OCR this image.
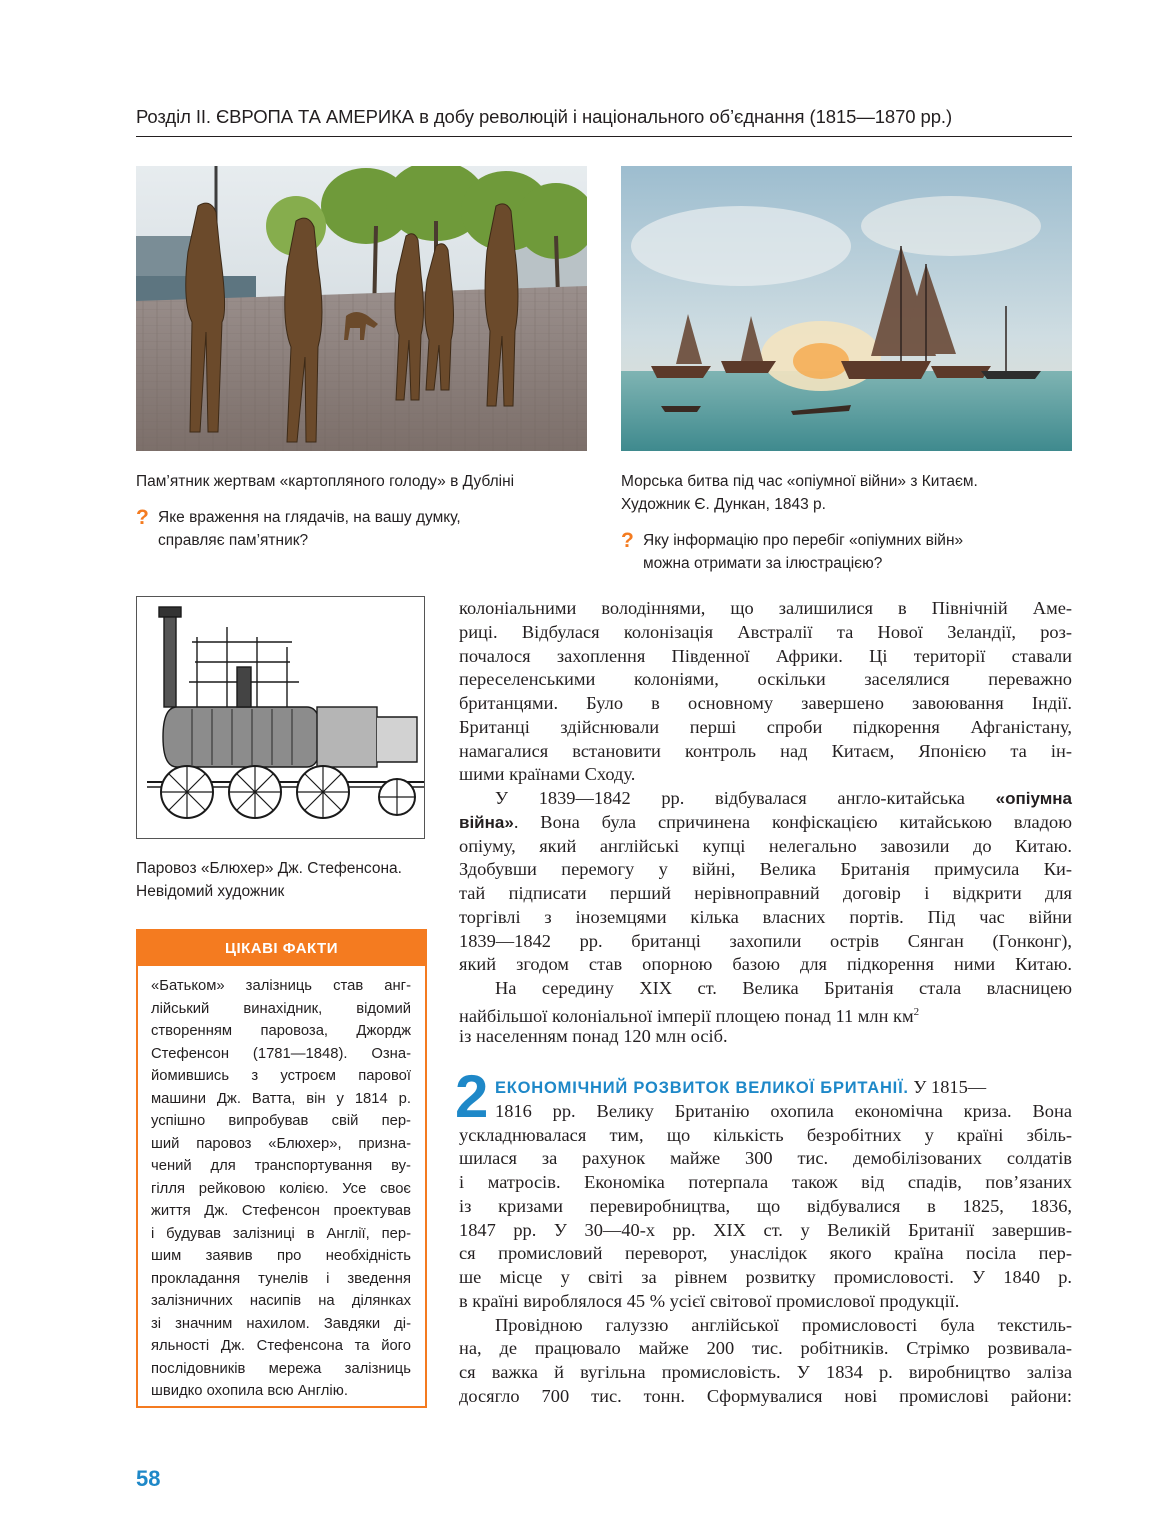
Розділ ІІ. ЄВРОПА ТА АМЕРИКА в добу революцій і національного об’єднання (1815—1870 рр.)
Пам’ятник жертвам «картопляного голоду» в Дубліні
? Яке враження на глядачів, на вашу думку,
справляє пам’ятник?
Морська битва під час «опіумної війни» з Китаєм.
Художник Є. Дункан, 1843 р.
? Яку інформацію про перебіг «опіумних війн»
можна отримати за ілюстрацією?
Паровоз «Блюхер» Дж. Стефенсона.
Невідомий художник
ЦІКАВІ ФАКТИ
«Батьком» залізниць став анг-
лійський винахідник, відомий
створенням паровоза, Джордж
Стефенсон (1781—1848). Озна-
йомившись з устроєм парової
машини Дж. Ватта, він у 1814 р.
успішно випробував свій пер-
ший паровоз «Блюхер», призна-
чений для транспортування ву-
гілля рейковою колією. Усе своє
життя Дж. Стефенсон проектував
і будував залізниці в Англії, пер-
шим заявив про необхідність
прокладання тунелів і зведення
залізничних насипів на ділянках
зі значним нахилом. Завдяки ді-
яльності Дж. Стефенсона та його
послідовників мережа залізниць
швидко охопила всю Англію.
колоніальними володіннями, що залишилися в Північній Аме-
риці. Відбулася колонізація Австралії та Нової Зеландії, роз-
почалося захоплення Південної Африки. Ці території ставали
переселенськими колоніями, оскільки заселялися переважно
британцями. Було в основному завершено завоювання Індії.
Британці здійснювали перші спроби підкорення Афганістану,
намагалися встановити контроль над Китаєм, Японією та ін-
шими країнами Сходу.
У 1839—1842 рр. відбувалася англо-китайська «опіумна
війна». Вона була спричинена конфіскацією китайською владою
опіуму, який англійські купці нелегально завозили до Китаю.
Здобувши перемогу у війні, Велика Британія примусила Ки-
тай підписати перший нерівноправний договір і відкрити для
торгівлі з іноземцями кілька власних портів. Під час війни
1839—1842 рр. британці захопили острів Сянган (Гонконг),
який згодом став опорною базою для підкорення ними Китаю.
На середину XIX ст. Велика Британія стала власницею
найбільшої колоніальної імперії площею понад 11 млн $км^2$
із населенням понад 120 млн осіб.
2 ЕКОНОМІЧНИЙ РОЗВИТОК ВЕЛИКОЇ БРИТАНІЇ. У 1815—
1816 рр. Велику Британію охопила економічна криза. Вона
ускладнювалася тим, що кількість безробітних у країні збіль-
шилася за рахунок майже 300 тис. демобілізованих солдатів
і матросів. Економіка потерпала також від спадів, пов’язаних
із кризами перевиробництва, що відбувалися в 1825, 1836,
1847 рр. У 30—40-х рр. XIX ст. у Великій Британії завершив-
ся промисловий переворот, унаслідок якого країна посіла пер-
ше місце у світі за рівнем розвитку промисловості. У 1840 р.
в країні вироблялося 45 % усієї світової промислової продукції.
Провідною галуззю англійської промисловості була текстиль-
на, де працювало майже 200 тис. робітників. Стрімко розвивала-
ся важка й вугільна промисловість. У 1834 р. виробництво заліза
досягло 700 тис. тонн. Сформувалися нові промислові райони:
58
